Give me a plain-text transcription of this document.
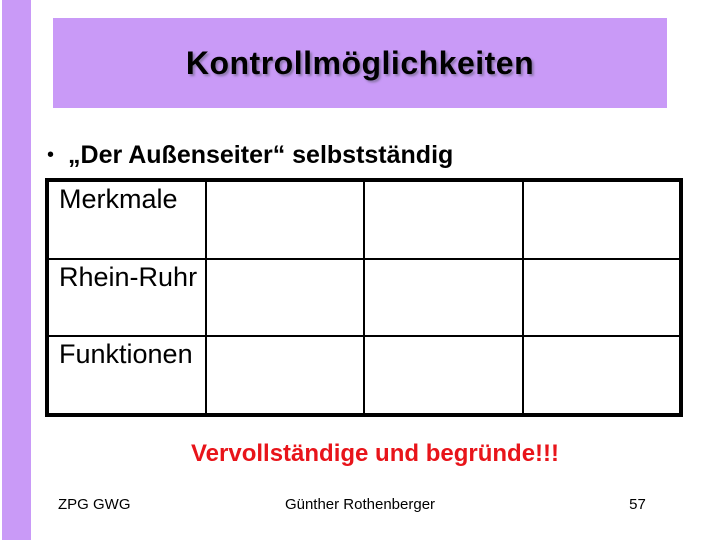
Kontrollmöglichkeiten
• „Der Außenseiter“ selbstständig
Merkmale			
Rhein-Ruhr			
Funktionen			
Vervollständige und begründe!!!
ZPG GWG	Günther Rothenberger	57
